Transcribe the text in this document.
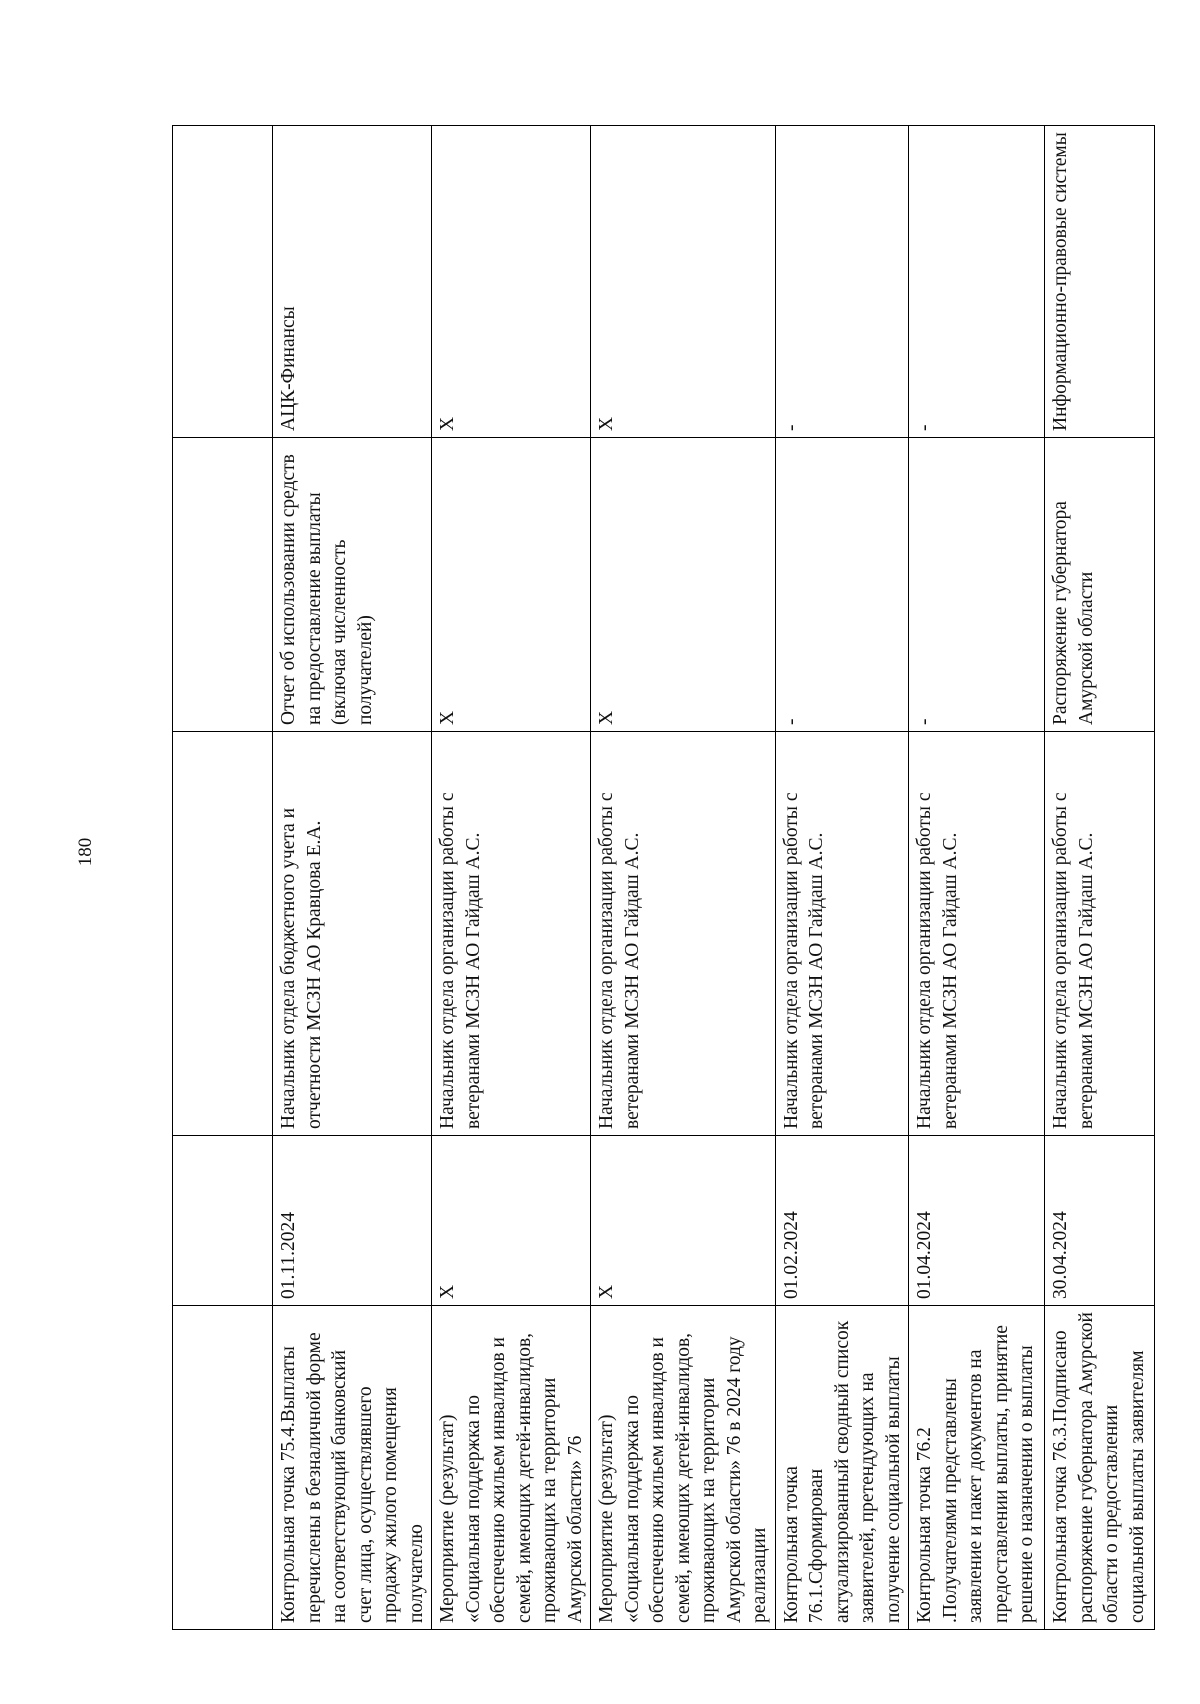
180

Контрольная точка 75.4.Выплаты перечислены в безналичной форме на соответствующий банковский счет лица, осуществлявшего продажу жилого помещения получателю	01.11.2024	Начальник отдела бюджетного учета и отчетности МСЗН АО Кравцова Е.А.	Отчет об использовании средств на предоставление выплаты (включая численность получателей)	АЦК-Финансы
Мероприятие (результат) «Социальная поддержка по обеспечению жильем инвалидов и семей, имеющих детей-инвалидов, проживающих на территории Амурской области» 76	Х	Начальник отдела организации работы с ветеранами МСЗН АО Гайдаш А.С.	Х	Х
Мероприятие (результат) «Социальная поддержка по обеспечению жильем инвалидов и семей, имеющих детей-инвалидов, проживающих на территории Амурской области» 76 в 2024 году реализации	Х	Начальник отдела организации работы с ветеранами МСЗН АО Гайдаш А.С.	Х	Х
Контрольная точка 76.1.Сформирован актуализированный сводный список заявителей, претендующих на получение социальной выплаты	01.02.2024	Начальник отдела организации работы с ветеранами МСЗН АО Гайдаш А.С.	-	-
Контрольная точка 76.2 .Получателями представлены заявление и пакет документов на предоставлении выплаты, принятие решение о назначении о выплаты	01.04.2024	Начальник отдела организации работы с ветеранами МСЗН АО Гайдаш А.С.	-	-
Контрольная точка 76.3.Подписано распоряжение губернатора Амурской области о предоставлении социальной выплаты заявителям	30.04.2024	Начальник отдела организации работы с ветеранами МСЗН АО Гайдаш А.С.	Распоряжение губернатора Амурской области	Информационно-правовые системы
